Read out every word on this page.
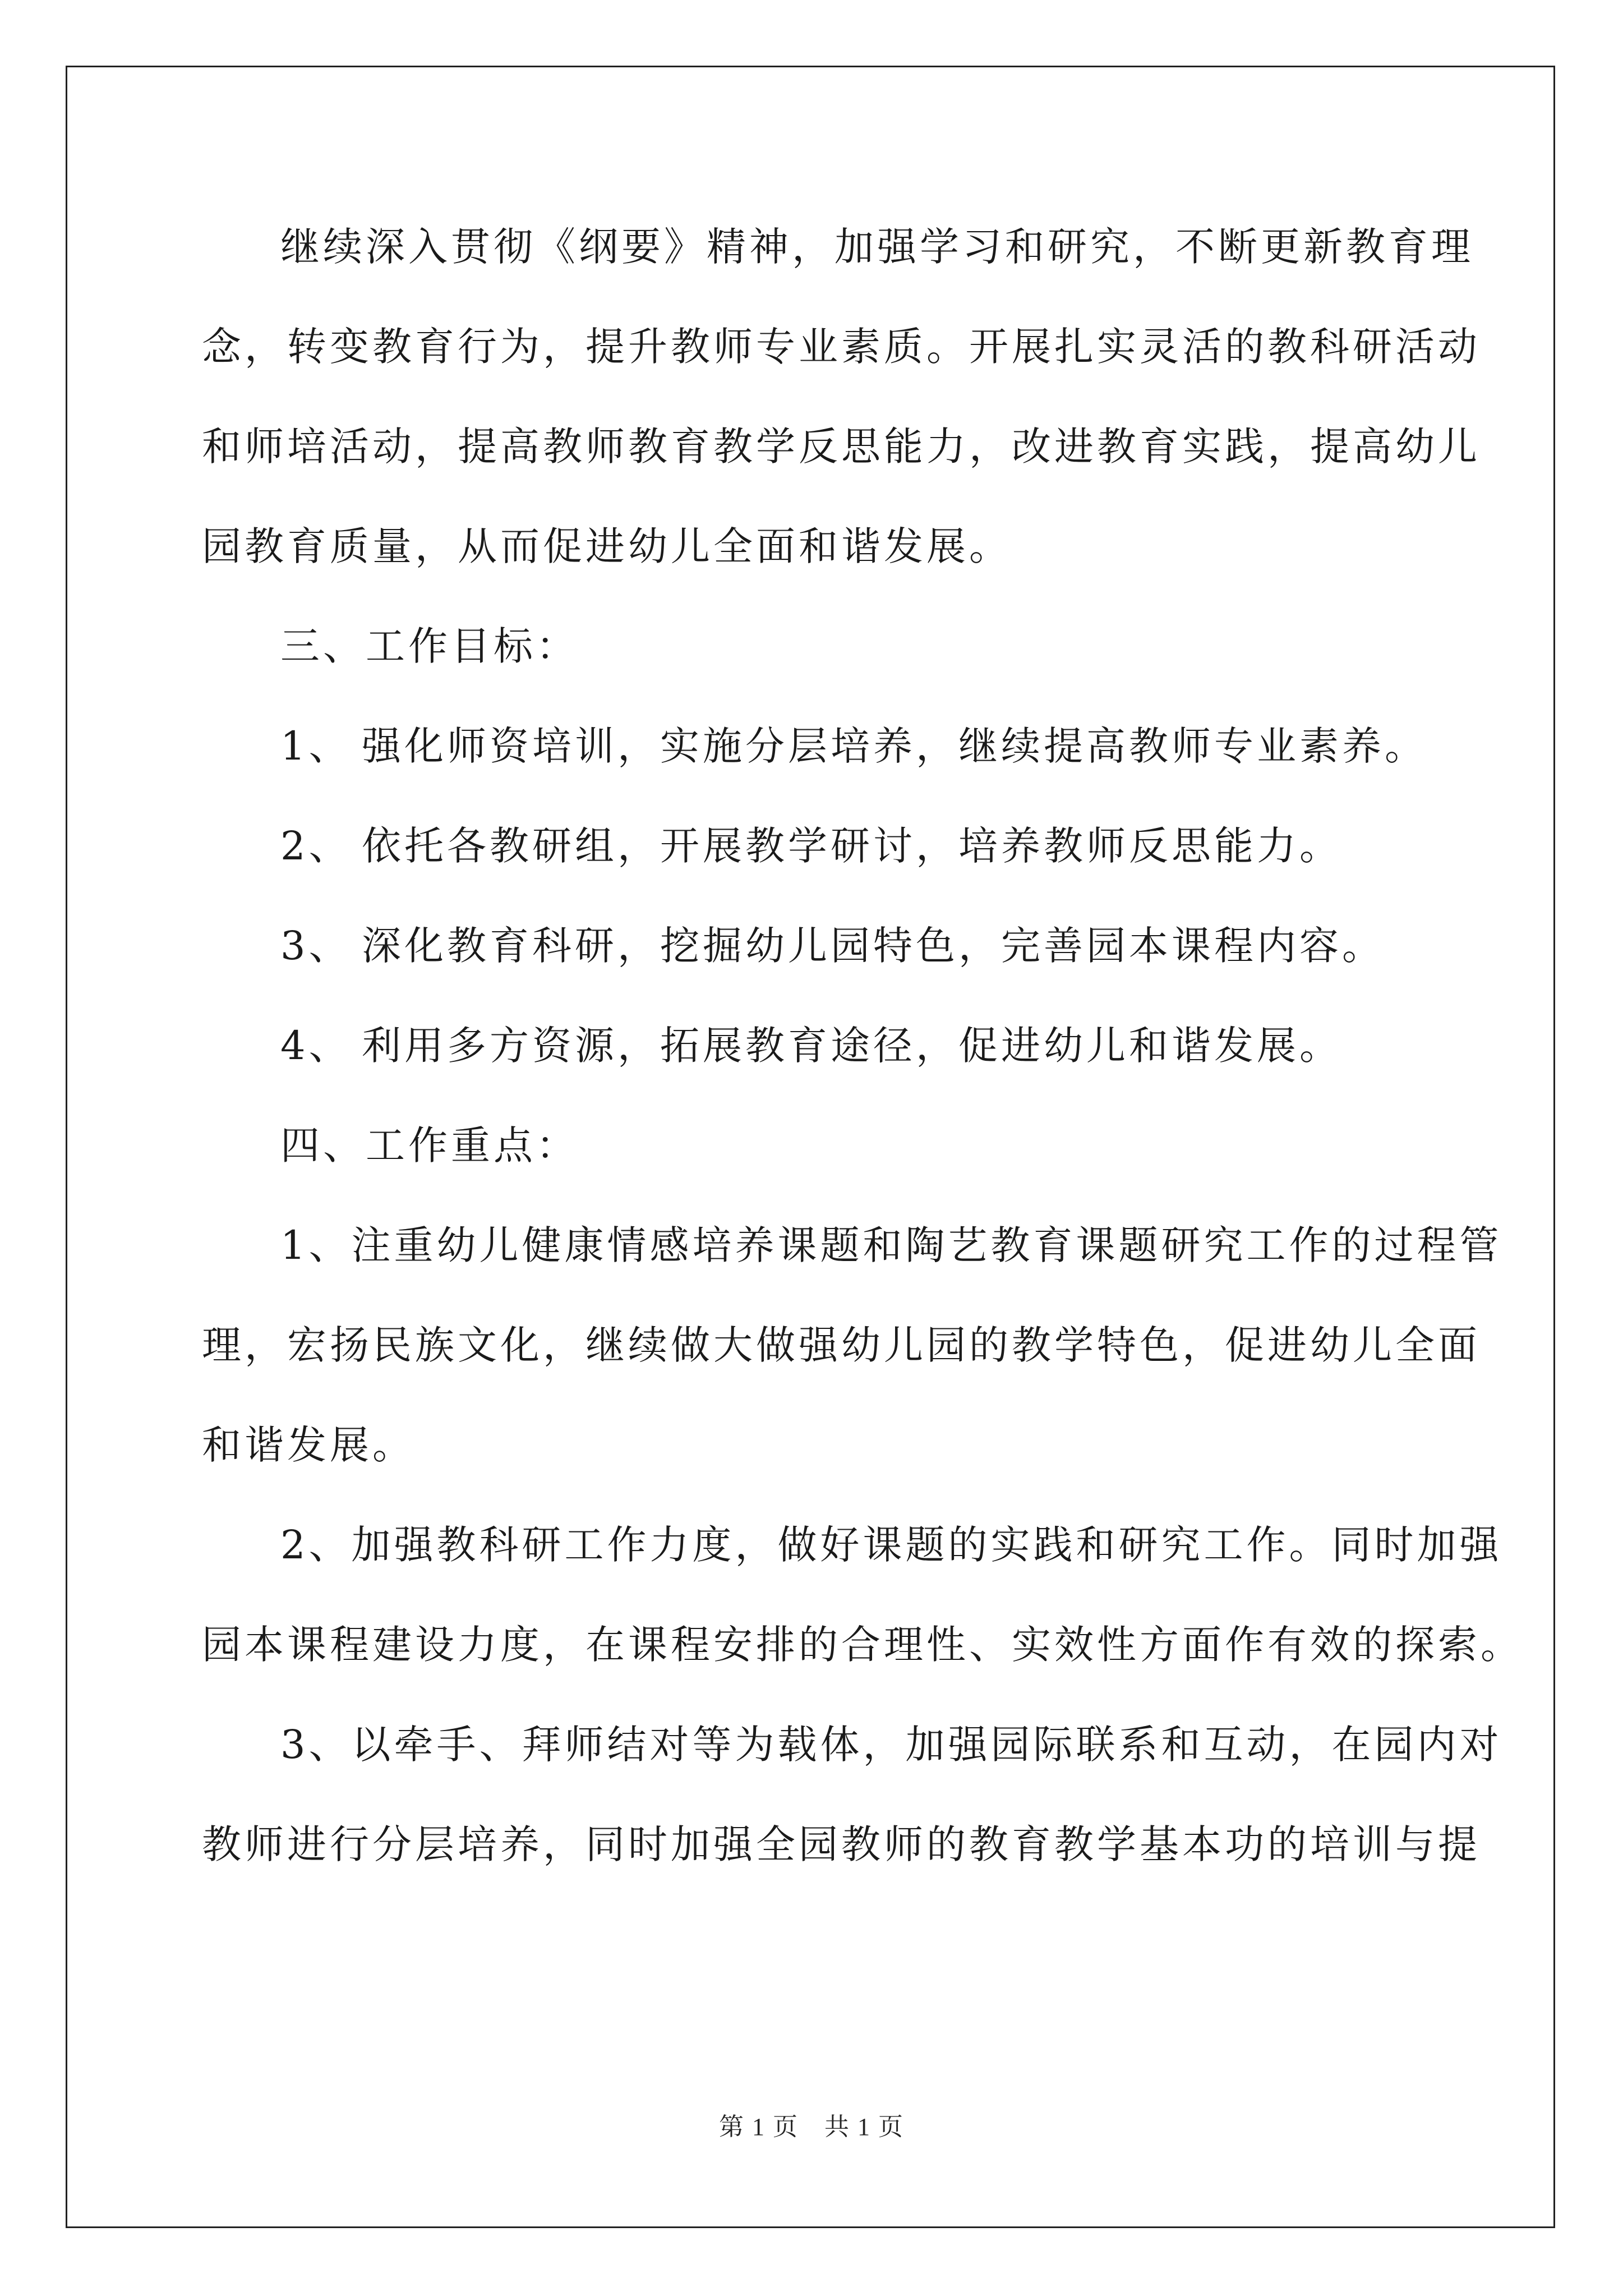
继续深入贯彻《纲要》精神，加强学习和研究，不断更新教育理
念，转变教育行为，提升教师专业素质。开展扎实灵活的教科研活动
和师培活动，提高教师教育教学反思能力，改进教育实践，提高幼儿
园教育质量，从而促进幼儿全面和谐发展。
三、工作目标：
1、 强化师资培训，实施分层培养，继续提高教师专业素养。
2、 依托各教研组，开展教学研讨，培养教师反思能力。
3、 深化教育科研，挖掘幼儿园特色，完善园本课程内容。
4、 利用多方资源，拓展教育途径，促进幼儿和谐发展。
四、工作重点：
1、注重幼儿健康情感培养课题和陶艺教育课题研究工作的过程管
理，宏扬民族文化，继续做大做强幼儿园的教学特色，促进幼儿全面
和谐发展。
2、加强教科研工作力度，做好课题的实践和研究工作。同时加强
园本课程建设力度，在课程安排的合理性、实效性方面作有效的探索。
3、以牵手、拜师结对等为载体，加强园际联系和互动，在园内对
教师进行分层培养，同时加强全园教师的教育教学基本功的培训与提
第 1 页　共 1 页
